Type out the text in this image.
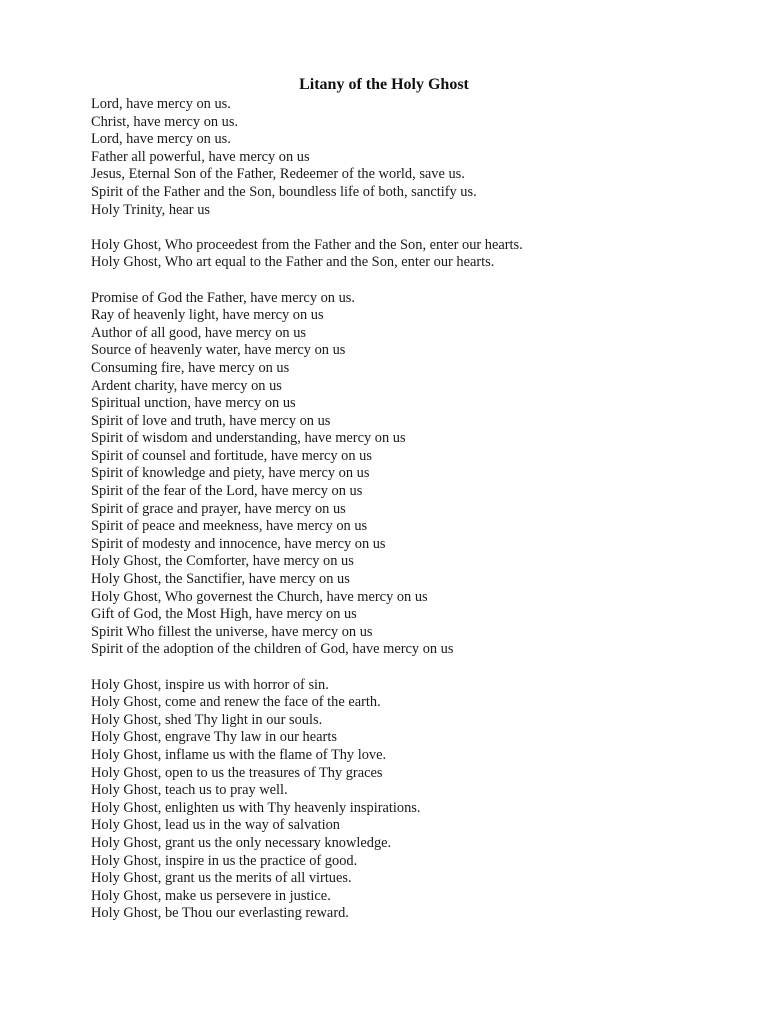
Litany of the Holy Ghost
Lord, have mercy on us.
Christ, have mercy on us.
Lord, have mercy on us.
Father all powerful, have mercy on us
Jesus, Eternal Son of the Father, Redeemer of the world, save us.
Spirit of the Father and the Son, boundless life of both, sanctify us.
Holy Trinity, hear us
Holy Ghost, Who proceedest from the Father and the Son, enter our hearts.
Holy Ghost, Who art equal to the Father and the Son, enter our hearts.
Promise of God the Father, have mercy on us.
Ray of heavenly light, have mercy on us
Author of all good, have mercy on us
Source of heavenly water, have mercy on us
Consuming fire, have mercy on us
Ardent charity, have mercy on us
Spiritual unction, have mercy on us
Spirit of love and truth, have mercy on us
Spirit of wisdom and understanding, have mercy on us
Spirit of counsel and fortitude, have mercy on us
Spirit of knowledge and piety, have mercy on us
Spirit of the fear of the Lord, have mercy on us
Spirit of grace and prayer, have mercy on us
Spirit of peace and meekness, have mercy on us
Spirit of modesty and innocence, have mercy on us
Holy Ghost, the Comforter, have mercy on us
Holy Ghost, the Sanctifier, have mercy on us
Holy Ghost, Who governest the Church, have mercy on us
Gift of God, the Most High, have mercy on us
Spirit Who fillest the universe, have mercy on us
Spirit of the adoption of the children of God, have mercy on us
Holy Ghost, inspire us with horror of sin.
Holy Ghost, come and renew the face of the earth.
Holy Ghost, shed Thy light in our souls.
Holy Ghost, engrave Thy law in our hearts
Holy Ghost, inflame us with the flame of Thy love.
Holy Ghost, open to us the treasures of Thy graces
Holy Ghost, teach us to pray well.
Holy Ghost, enlighten us with Thy heavenly inspirations.
Holy Ghost, lead us in the way of salvation
Holy Ghost, grant us the only necessary knowledge.
Holy Ghost, inspire in us the practice of good.
Holy Ghost, grant us the merits of all virtues.
Holy Ghost, make us persevere in justice.
Holy Ghost, be Thou our everlasting reward.
